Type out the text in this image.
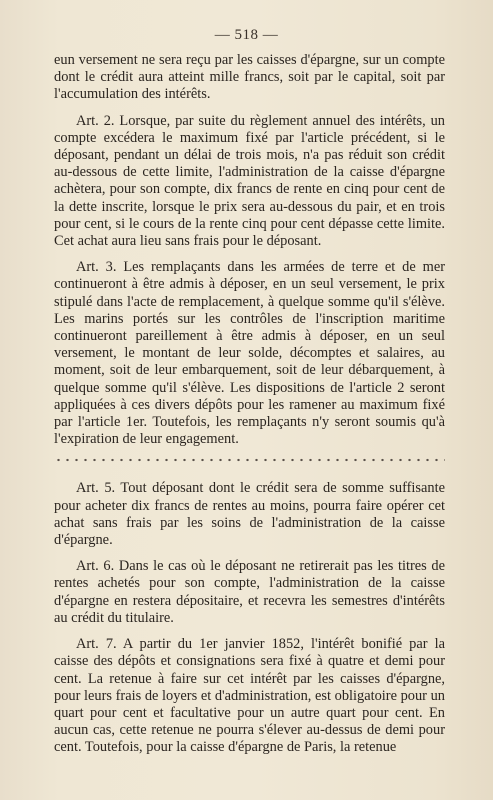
— 518 —

eun versement ne sera reçu par les caisses d'épargne, sur un compte dont le crédit aura atteint mille francs, soit par le capital, soit par l'accumulation des intérêts.

Art. 2. Lorsque, par suite du règlement annuel des intérêts, un compte excédera le maximum fixé par l'article précédent, si le déposant, pendant un délai de trois mois, n'a pas réduit son crédit au-dessous de cette limite, l'administration de la caisse d'épargne achètera, pour son compte, dix francs de rente en cinq pour cent de la dette inscrite, lorsque le prix sera au-dessous du pair, et en trois pour cent, si le cours de la rente cinq pour cent dépasse cette limite. Cet achat aura lieu sans frais pour le déposant.

Art. 3. Les remplaçants dans les armées de terre et de mer continueront à être admis à déposer, en un seul versement, le prix stipulé dans l'acte de remplacement, à quelque somme qu'il s'élève. Les marins portés sur les contrôles de l'inscription maritime continueront pareillement à être admis à déposer, en un seul versement, le montant de leur solde, décomptes et salaires, au moment, soit de leur embarquement, soit de leur débarquement, à quelque somme qu'il s'élève. Les dispositions de l'article 2 seront appliquées à ces divers dépôts pour les ramener au maximum fixé par l'article 1er. Toutefois, les remplaçants n'y seront soumis qu'à l'expiration de leur engagement.

Art. 5. Tout déposant dont le crédit sera de somme suffisante pour acheter dix francs de rentes au moins, pourra faire opérer cet achat sans frais par les soins de l'administration de la caisse d'épargne.

Art. 6. Dans le cas où le déposant ne retirerait pas les titres de rentes achetés pour son compte, l'administration de la caisse d'épargne en restera dépositaire, et recevra les semestres d'intérêts au crédit du titulaire.

Art. 7. A partir du 1er janvier 1852, l'intérêt bonifié par la caisse des dépôts et consignations sera fixé à quatre et demi pour cent. La retenue à faire sur cet intérêt par les caisses d'épargne, pour leurs frais de loyers et d'administration, est obligatoire pour un quart pour cent et facultative pour un autre quart pour cent. En aucun cas, cette retenue ne pourra s'élever au-dessus de demi pour cent. Toutefois, pour la caisse d'épargne de Paris, la retenue
